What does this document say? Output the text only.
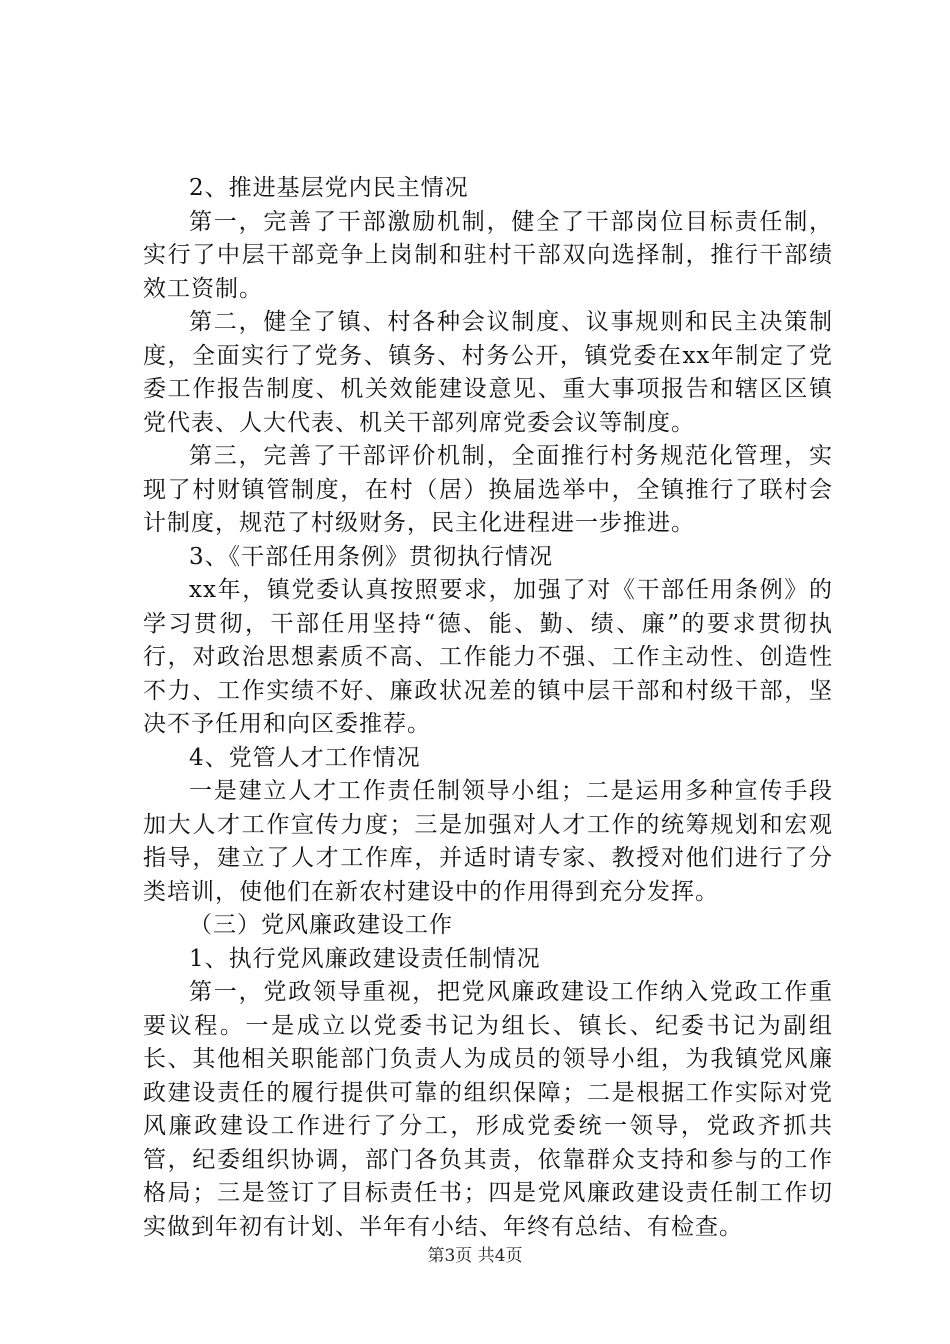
2、推进基层党内民主情况

第一，完善了干部激励机制，健全了干部岗位目标责任制，实行了中层干部竞争上岗制和驻村干部双向选择制，推行干部绩效工资制。

第二，健全了镇、村各种会议制度、议事规则和民主决策制度，全面实行了党务、镇务、村务公开，镇党委在xx年制定了党委工作报告制度、机关效能建设意见、重大事项报告和辖区区镇党代表、人大代表、机关干部列席党委会议等制度。

第三，完善了干部评价机制，全面推行村务规范化管理，实现了村财镇管制度，在村（居）换届选举中，全镇推行了联村会计制度，规范了村级财务，民主化进程进一步推进。

3、《干部任用条例》贯彻执行情况

xx年，镇党委认真按照要求，加强了对《干部任用条例》的学习贯彻，干部任用坚持“德、能、勤、绩、廉”的要求贯彻执行，对政治思想素质不高、工作能力不强、工作主动性、创造性不力、工作实绩不好、廉政状况差的镇中层干部和村级干部，坚决不予任用和向区委推荐。

4、党管人才工作情况

一是建立人才工作责任制领导小组；二是运用多种宣传手段加大人才工作宣传力度；三是加强对人才工作的统筹规划和宏观指导，建立了人才工作库，并适时请专家、教授对他们进行了分类培训，使他们在新农村建设中的作用得到充分发挥。

（三）党风廉政建设工作

1、执行党风廉政建设责任制情况

第一，党政领导重视，把党风廉政建设工作纳入党政工作重要议程。一是成立以党委书记为组长、镇长、纪委书记为副组长、其他相关职能部门负责人为成员的领导小组，为我镇党风廉政建设责任的履行提供可靠的组织保障；二是根据工作实际对党风廉政建设工作进行了分工，形成党委统一领导，党政齐抓共管，纪委组织协调，部门各负其责，依靠群众支持和参与的工作格局；三是签订了目标责任书；四是党风廉政建设责任制工作切实做到年初有计划、半年有小结、年终有总结、有检查。

第3页 共4页
